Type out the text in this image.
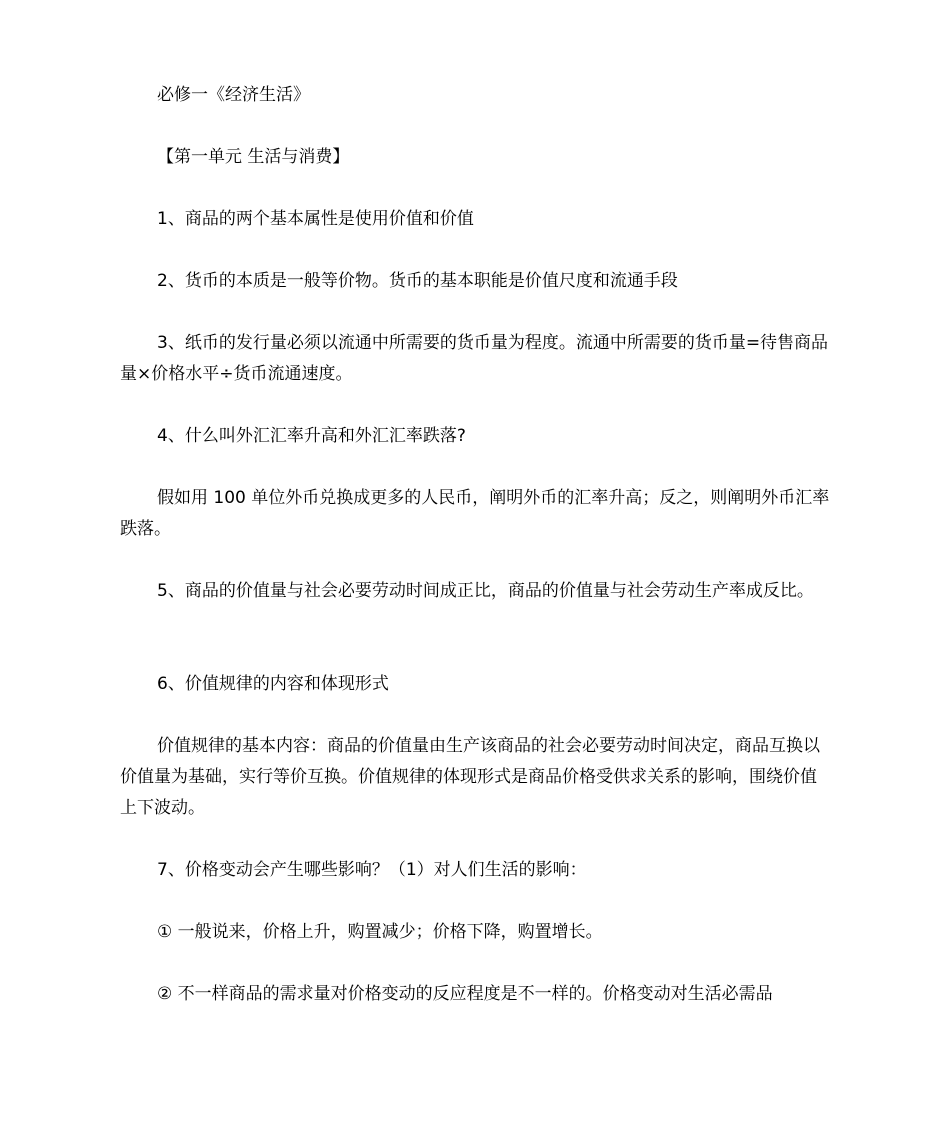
必修一《经济生活》

【第一单元 生活与消费】

1、商品的两个基本属性是使用价值和价值

2、货币的本质是一般等价物。货币的基本职能是价值尺度和流通手段

3、纸币的发行量必须以流通中所需要的货币量为程度。流通中所需要的货币量=待售商品量×价格水平÷货币流通速度。

4、什么叫外汇汇率升高和外汇汇率跌落?

假如用 100 单位外币兑换成更多的人民币，阐明外币的汇率升高；反之，则阐明外币汇率跌落。

5、商品的价值量与社会必要劳动时间成正比，商品的价值量与社会劳动生产率成反比。

6、价值规律的内容和体现形式

价值规律的基本内容：商品的价值量由生产该商品的社会必要劳动时间决定，商品互换以价值量为基础，实行等价互换。价值规律的体现形式是商品价格受供求关系的影响，围绕价值上下波动。

7、价格变动会产生哪些影响？（1）对人们生活的影响：

① 一般说来，价格上升，购置减少；价格下降，购置增长。

② 不一样商品的需求量对价格变动的反应程度是不一样的。价格变动对生活必需品
